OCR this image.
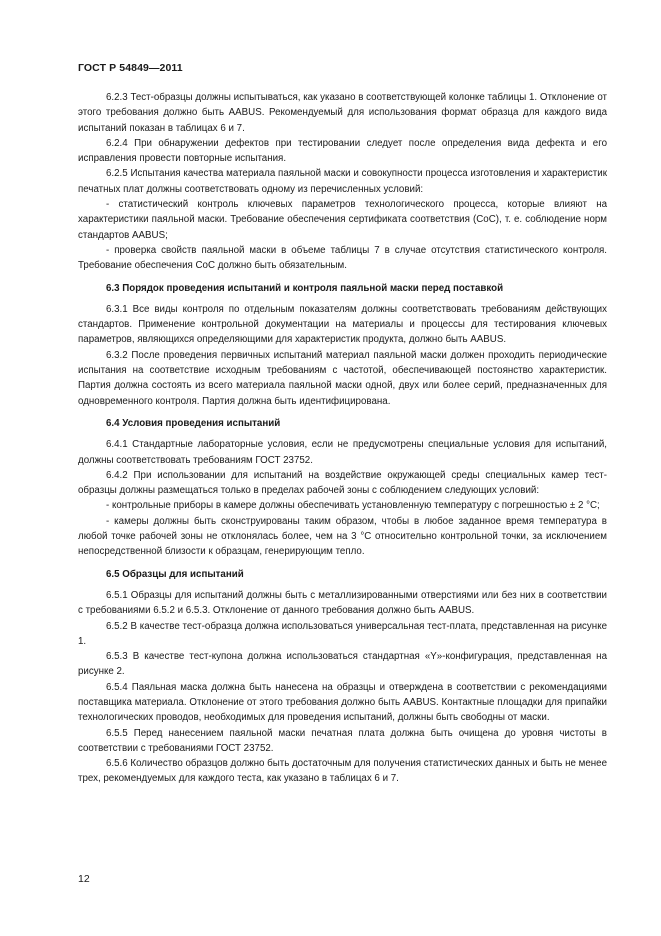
ГОСТ Р 54849—2011

6.2.3 Тест-образцы должны испытываться, как указано в соответствующей колонке таблицы 1. Отклонение от этого требования должно быть AABUS. Рекомендуемый для использования формат образца для каждого вида испытаний показан в таблицах 6 и 7.

6.2.4 При обнаружении дефектов при тестировании следует после определения вида дефекта и его исправления провести повторные испытания.

6.2.5 Испытания качества материала паяльной маски и совокупности процесса изготовления и характеристик печатных плат должны соответствовать одному из перечисленных условий:

- статистический контроль ключевых параметров технологического процесса, которые влияют на характеристики паяльной маски. Требование обеспечения сертификата соответствия (CoC), т. е. соблюдение норм стандартов AABUS;

- проверка свойств паяльной маски в объеме таблицы 7 в случае отсутствия статистического контроля. Требование обеспечения CoC должно быть обязательным.

6.3 Порядок проведения испытаний и контроля паяльной маски перед поставкой

6.3.1 Все виды контроля по отдельным показателям должны соответствовать требованиям действующих стандартов. Применение контрольной документации на материалы и процессы для тестирования ключевых параметров, являющихся определяющими для характеристик продукта, должно быть AABUS.

6.3.2 После проведения первичных испытаний материал паяльной маски должен проходить периодические испытания на соответствие исходным требованиям с частотой, обеспечивающей постоянство характеристик. Партия должна состоять из всего материала паяльной маски одной, двух или более серий, предназначенных для одновременного контроля. Партия должна быть идентифицирована.

6.4 Условия проведения испытаний

6.4.1 Стандартные лабораторные условия, если не предусмотрены специальные условия для испытаний, должны соответствовать требованиям ГОСТ 23752.

6.4.2 При использовании для испытаний на воздействие окружающей среды специальных камер тест-образцы должны размещаться только в пределах рабочей зоны с соблюдением следующих условий:

- контрольные приборы в камере должны обеспечивать установленную температуру с погрешностью ± 2 °С;

- камеры должны быть сконструированы таким образом, чтобы в любое заданное время температура в любой точке рабочей зоны не отклонялась более, чем на 3 °С относительно контрольной точки, за исключением непосредственной близости к образцам, генерирующим тепло.

6.5 Образцы для испытаний

6.5.1 Образцы для испытаний должны быть с металлизированными отверстиями или без них в соответствии с требованиями 6.5.2 и 6.5.3. Отклонение от данного требования должно быть AABUS.

6.5.2 В качестве тест-образца должна использоваться универсальная тест-плата, представленная на рисунке 1.

6.5.3 В качестве тест-купона должна использоваться стандартная «Y»-конфигурация, представленная на рисунке 2.

6.5.4 Паяльная маска должна быть нанесена на образцы и отверждена в соответствии с рекомендациями поставщика материала. Отклонение от этого требования должно быть AABUS. Контактные площадки для припайки технологических проводов, необходимых для проведения испытаний, должны быть свободны от маски.

6.5.5 Перед нанесением паяльной маски печатная плата должна быть очищена до уровня чистоты в соответствии с требованиями ГОСТ 23752.

6.5.6 Количество образцов должно быть достаточным для получения статистических данных и быть не менее трех, рекомендуемых для каждого теста, как указано в таблицах 6 и 7.

12
